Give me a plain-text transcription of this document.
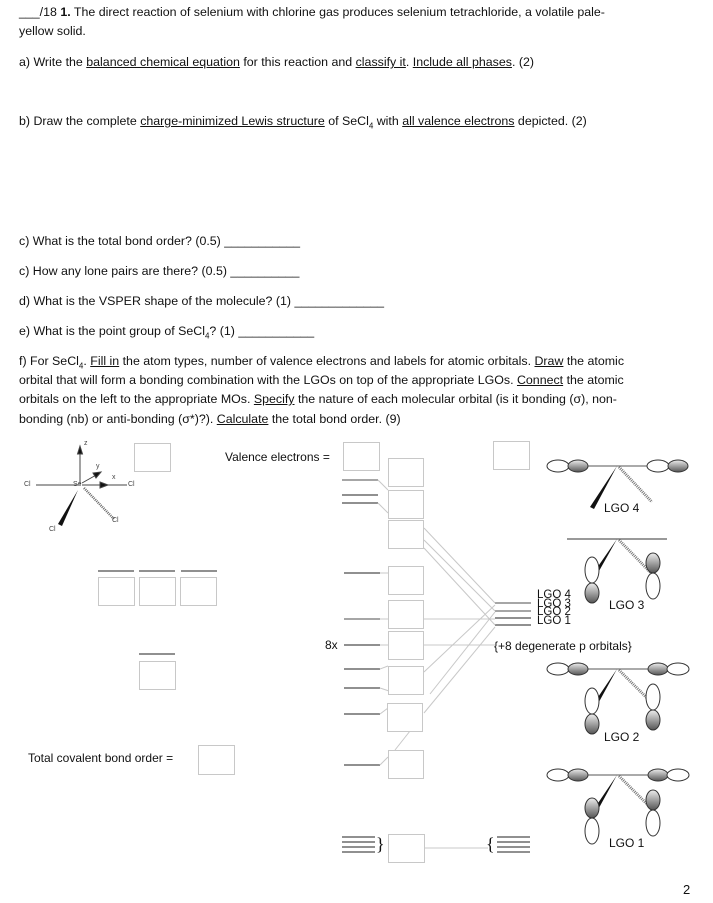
___/18 1. The direct reaction of selenium with chlorine gas produces selenium tetrachloride, a volatile pale-
yellow solid.
a) Write the balanced chemical equation for this reaction and classify it. Include all phases. (2)
b) Draw the complete charge-minimized Lewis structure of SeCl$_4$ with all valence electrons depicted. (2)
c) What is the total bond order? (0.5) ___________
c) How any lone pairs are there? (0.5) __________
d) What is the VSPER shape of the molecule? (1) _____________
e) What is the point group of SeCl$_4$? (1) ___________
f) For SeCl$_4$. Fill in the atom types, number of valence electrons and labels for atomic orbitals. Draw the atomic
orbital that will form a bonding combination with the LGOs on top of the appropriate LGOs. Connect the atomic
orbitals on the left to the appropriate MOs. Specify the nature of each molecular orbital (is it bonding (σ), non-
bonding (nb) or anti-bonding (σ*)?). Calculate the total bond order. (9)
}	{
z
y
x
Se
Cl	Cl
Cl
Cl
Valence electrons =
8x
LGO 4
LGO 3
LGO 2
LGO 1
{+8 degenerate p orbitals}
LGO 4
LGO 3
LGO 2
LGO 1
Total covalent bond order =
2
